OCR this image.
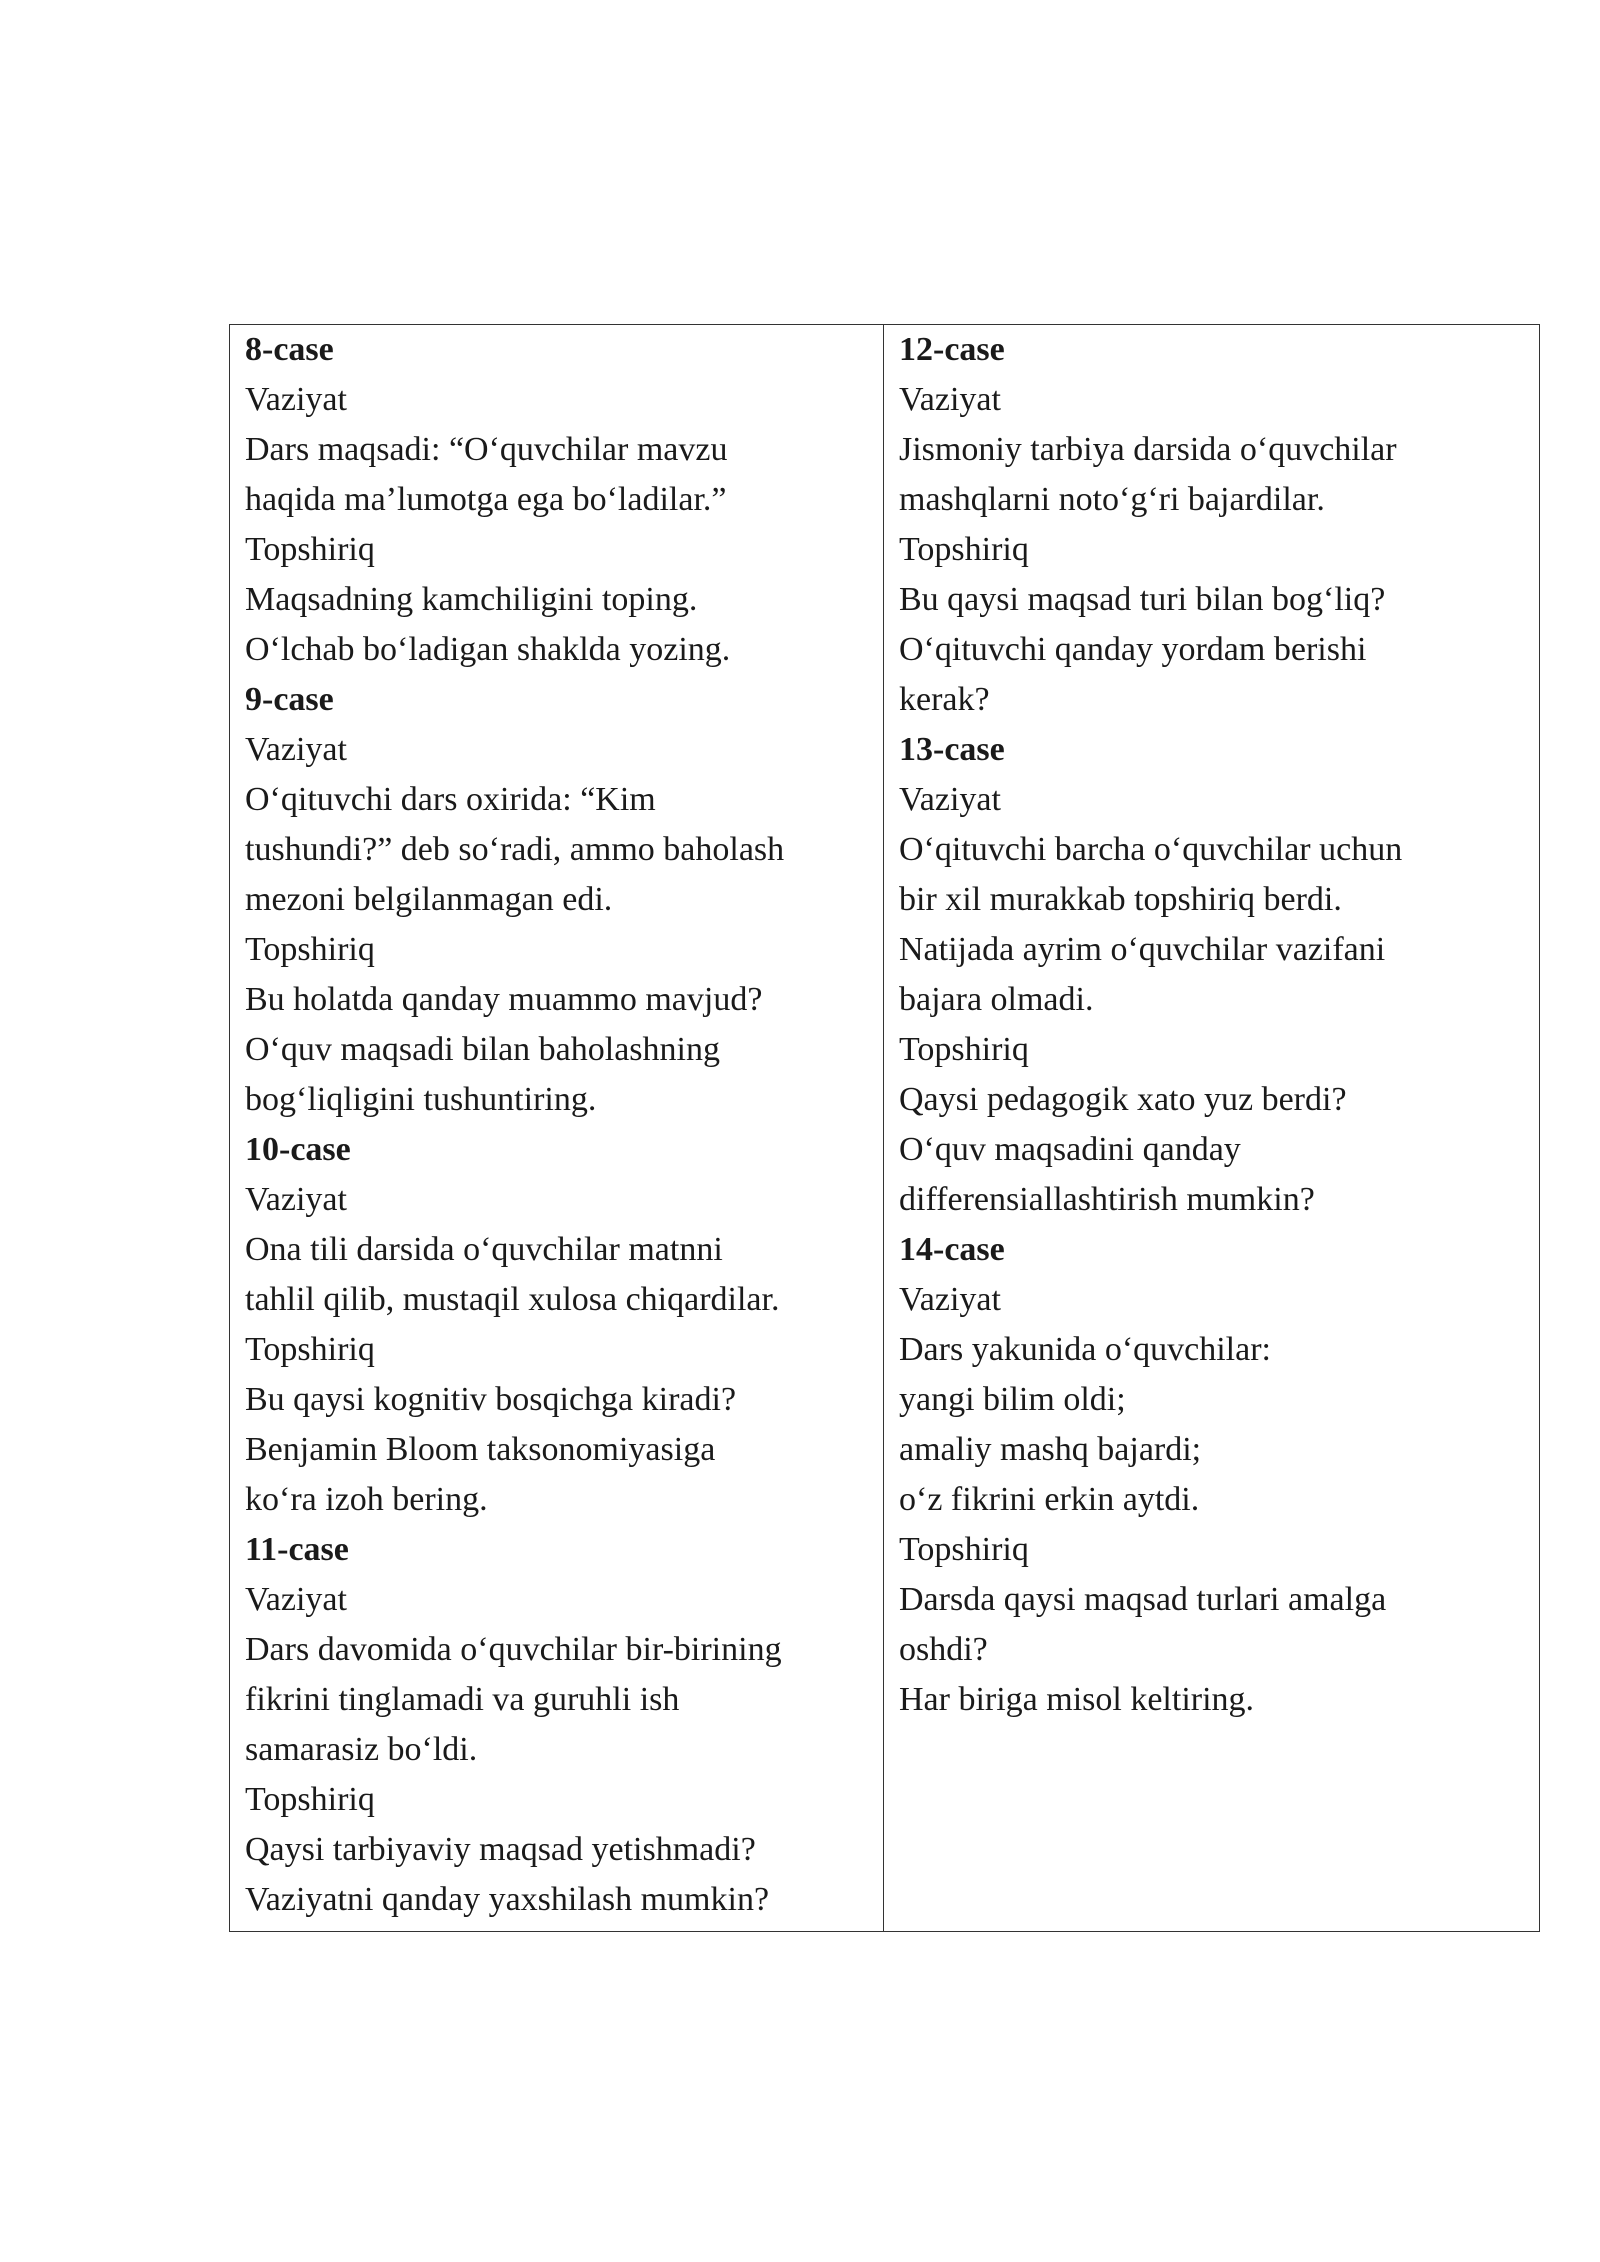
8-case
Vaziyat
Dars maqsadi: “O‘quvchilar mavzu
haqida ma’lumotga ega bo‘ladilar.”
Topshiriq
Maqsadning kamchiligini toping.
O‘lchab bo‘ladigan shaklda yozing.
9-case
Vaziyat
O‘qituvchi dars oxirida: “Kim
tushundi?” deb so‘radi, ammo baholash
mezoni belgilanmagan edi.
Topshiriq
Bu holatda qanday muammo mavjud?
O‘quv maqsadi bilan baholashning
bog‘liqligini tushuntiring.
10-case
Vaziyat
Ona tili darsida o‘quvchilar matnni
tahlil qilib, mustaqil xulosa chiqardilar.
Topshiriq
Bu qaysi kognitiv bosqichga kiradi?
Benjamin Bloom taksonomiyasiga
ko‘ra izoh bering.
11-case
Vaziyat
Dars davomida o‘quvchilar bir-birining
fikrini tinglamadi va guruhli ish
samarasiz bo‘ldi.
Topshiriq
Qaysi tarbiyaviy maqsad yetishmadi?
Vaziyatni qanday yaxshilash mumkin?

12-case
Vaziyat
Jismoniy tarbiya darsida o‘quvchilar
mashqlarni noto‘g‘ri bajardilar.
Topshiriq
Bu qaysi maqsad turi bilan bog‘liq?
O‘qituvchi qanday yordam berishi
kerak?
13-case
Vaziyat
O‘qituvchi barcha o‘quvchilar uchun
bir xil murakkab topshiriq berdi.
Natijada ayrim o‘quvchilar vazifani
bajara olmadi.
Topshiriq
Qaysi pedagogik xato yuz berdi?
O‘quv maqsadini qanday
differensiallashtirish mumkin?
14-case
Vaziyat
Dars yakunida o‘quvchilar:
yangi bilim oldi;
amaliy mashq bajardi;
o‘z fikrini erkin aytdi.
Topshiriq
Darsda qaysi maqsad turlari amalga
oshdi?
Har biriga misol keltiring.
